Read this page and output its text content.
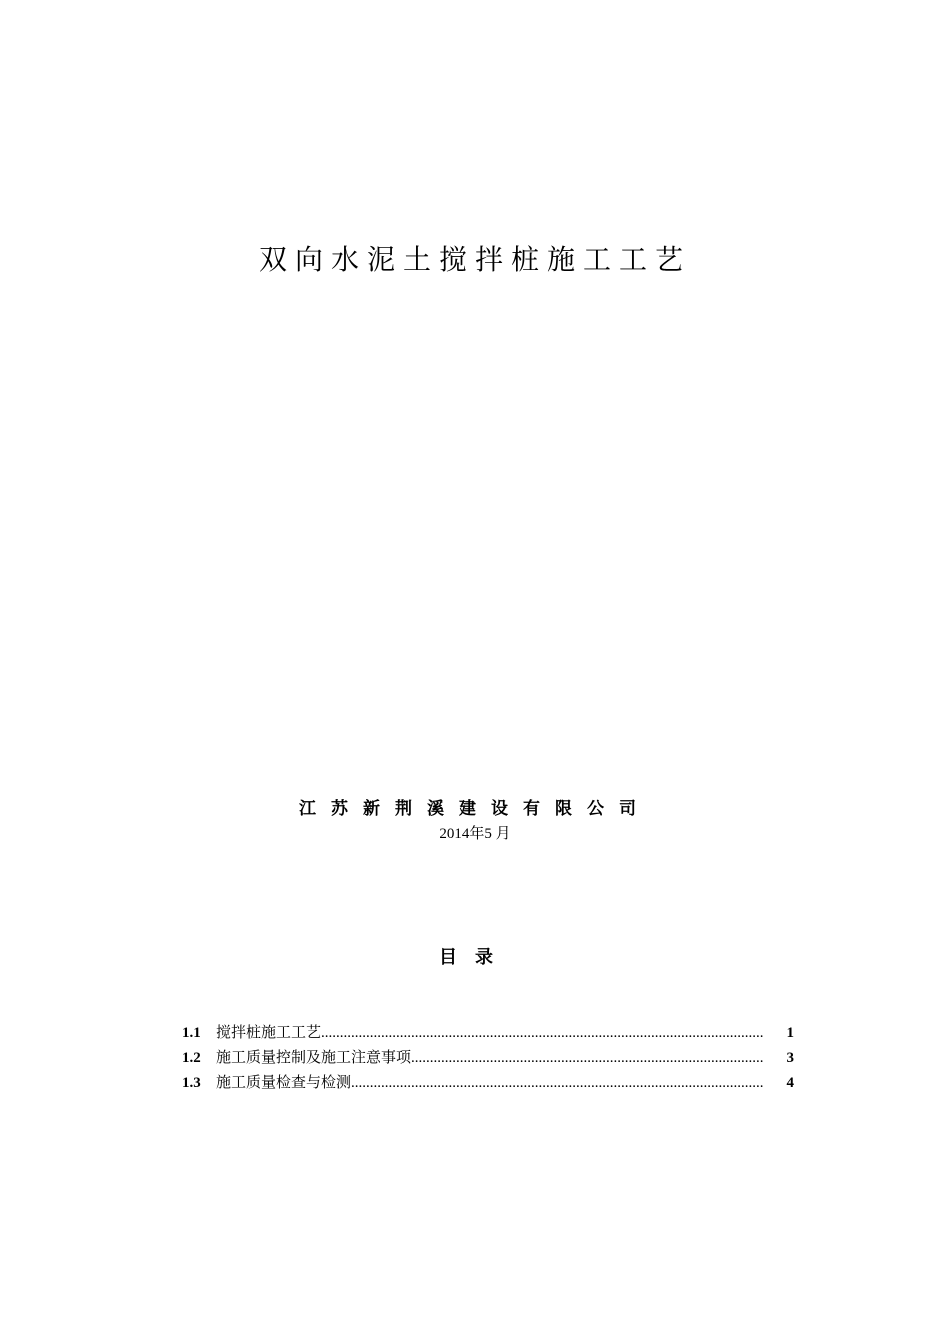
双向水泥土搅拌桩施工工艺
江苏新荆溪建设有限公司
2014年5 月
目录
1.1	搅拌桩施工工艺 .....	1
1.2	施工质量控制及施工注意事项 .....	3
1.3	施工质量检查与检测 .....	4
